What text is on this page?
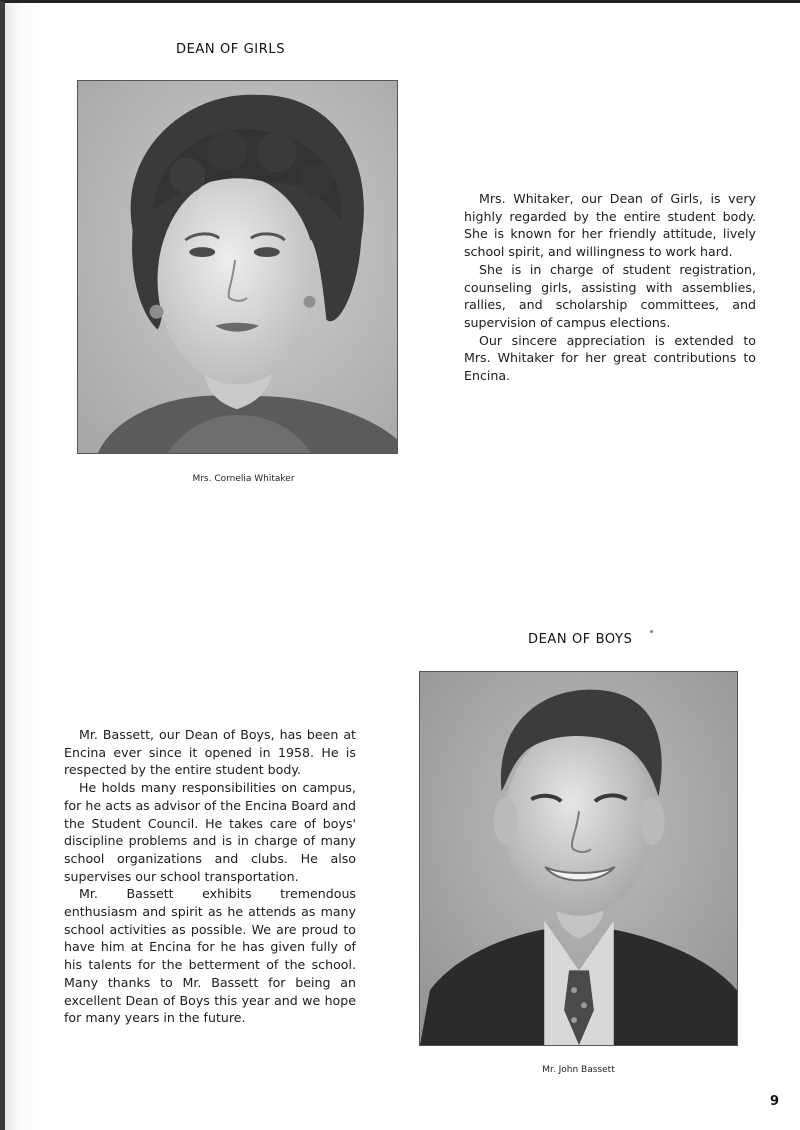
DEAN OF GIRLS

Mrs. Cornelia Whitaker

Mrs. Whitaker, our Dean of Girls, is very highly regarded by the entire student body. She is known for her friendly attitude, lively school spirit, and willingness to work hard.

She is in charge of student registration, counseling girls, assisting with assemblies, rallies, and scholarship committees, and supervision of campus elections.

Our sincere appreciation is extended to Mrs. Whitaker for her great contributions to Encina.

DEAN OF BOYS

Mr. John Bassett

Mr. Bassett, our Dean of Boys, has been at Encina ever since it opened in 1958. He is respected by the entire student body.

He holds many responsibilities on campus, for he acts as advisor of the Encina Board and the Student Council. He takes care of boys' discipline problems and is in charge of many school organizations and clubs. He also supervises our school transportation.

Mr. Bassett exhibits tremendous enthusiasm and spirit as he attends as many school activities as possible. We are proud to have him at Encina for he has given fully of his talents for the betterment of the school. Many thanks to Mr. Bassett for being an excellent Dean of Boys this year and we hope for many years in the future.

9
